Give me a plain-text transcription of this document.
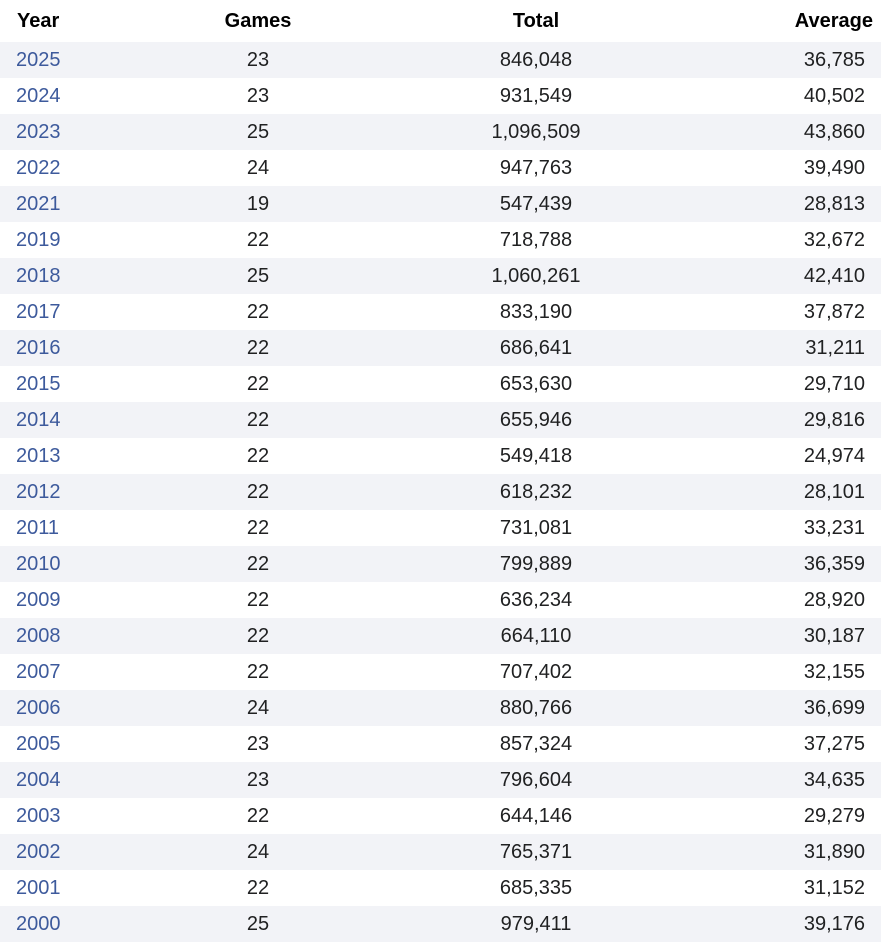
Year	Games	Total	Average
2025	23	846,048	36,785
2024	23	931,549	40,502
2023	25	1,096,509	43,860
2022	24	947,763	39,490
2021	19	547,439	28,813
2019	22	718,788	32,672
2018	25	1,060,261	42,410
2017	22	833,190	37,872
2016	22	686,641	31,211
2015	22	653,630	29,710
2014	22	655,946	29,816
2013	22	549,418	24,974
2012	22	618,232	28,101
2011	22	731,081	33,231
2010	22	799,889	36,359
2009	22	636,234	28,920
2008	22	664,110	30,187
2007	22	707,402	32,155
2006	24	880,766	36,699
2005	23	857,324	37,275
2004	23	796,604	34,635
2003	22	644,146	29,279
2002	24	765,371	31,890
2001	22	685,335	31,152
2000	25	979,411	39,176
